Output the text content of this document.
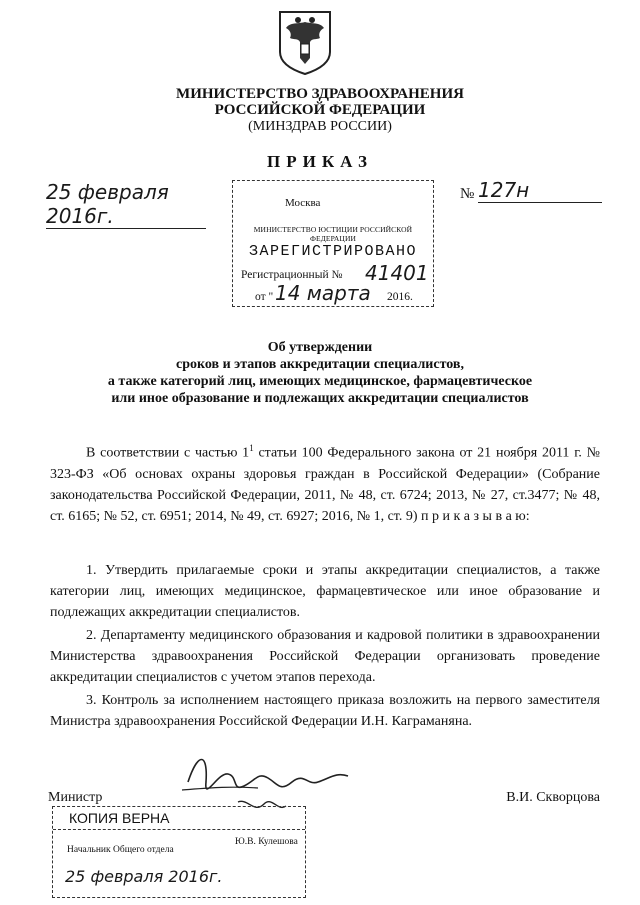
МИНИСТЕРСТВО ЗДРАВООХРАНЕНИЯ
РОССИЙСКОЙ ФЕДЕРАЦИИ
(МИНЗДРАВ РОССИИ)
ПРИКАЗ
25 февраля 2016г.
№ 127н
Москва
МИНИСТЕРСТВО ЮСТИЦИИ РОССИЙСКОЙ ФЕДЕРАЦИИ
ЗАРЕГИСТРИРОВАНО
Регистрационный № 41401
от " 14 марта 2016.
Об утверждении
сроков и этапов аккредитации специалистов,
а также категорий лиц, имеющих медицинское, фармацевтическое
или иное образование и подлежащих аккредитации специалистов
В соответствии с частью $1^1$ статьи 100 Федерального закона от 21 ноября 2011 г. № 323-ФЗ «Об основах охраны здоровья граждан в Российской Федерации» (Собрание законодательства Российской Федерации, 2011, № 48, ст. 6724; 2013, № 27, ст.3477; № 48, ст. 6165; № 52, ст. 6951; 2014, № 49, ст. 6927; 2016, № 1, ст. 9) п р и к а з ы в а ю:
1. Утвердить прилагаемые сроки и этапы аккредитации специалистов, а также категории лиц, имеющих медицинское, фармацевтическое или иное образование и подлежащих аккредитации специалистов.
2. Департаменту медицинского образования и кадровой политики в здравоохранении Министерства здравоохранения Российской Федерации организовать проведение аккредитации специалистов с учетом этапов перехода.
3. Контроль за исполнением настоящего приказа возложить на первого заместителя Министра здравоохранения Российской Федерации И.Н. Каграманяна.
Министр	В.И. Скворцова
КОПИЯ ВЕРНА
Начальник Общего отдела
Ю.В. Кулешова
25 февраля 2016г.
